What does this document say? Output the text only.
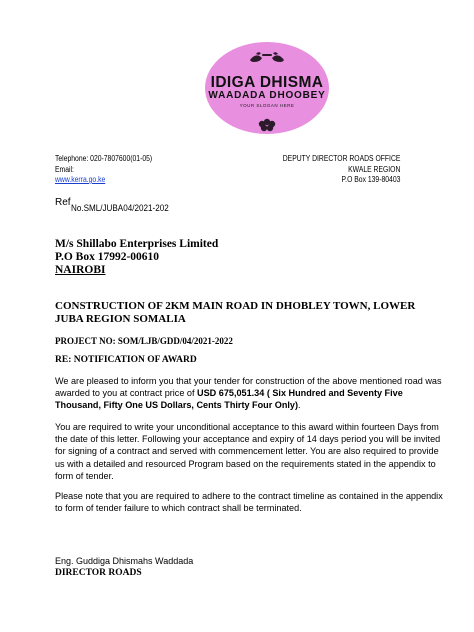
IDIGA DHISMA
WAADADA DHOOBEY
YOUR SLOGAN HERE
Telephone: 020-7807600(01-05)
Email:
www.kerra.go.ke
DEPUTY DIRECTOR ROADS OFFICE
KWALE REGION
P.O Box 139-80403
Ref No.SML/JUBA04/2021-202
M/s Shillabo Enterprises Limited
P.O Box 17992-00610
NAIROBI
CONSTRUCTION OF 2KM MAIN ROAD IN DHOBLEY TOWN, LOWER
JUBA REGION SOMALIA
PROJECT NO: SOM/LJB/GDD/04/2021-2022
RE: NOTIFICATION OF AWARD
We are pleased to inform you that your tender for construction of the above mentioned road was awarded to you at contract price of USD 675,051.34 ( Six Hundred and Seventy Five Thousand, Fifty One US Dollars, Cents Thirty Four Only).
You are required to write your unconditional acceptance to this award within fourteen Days from the date of this letter. Following your acceptance and expiry of 14 days period you will be invited for signing of a contract and served with commencement letter. You are also required to provide us with a detailed and resourced Program based on the requirements stated in the appendix to form of tender.
Please note that you are required to adhere to the contract timeline as contained in the appendix to form of tender failure to which contract shall be terminated.
Eng. Guddiga Dhismahs Waddada
DIRECTOR ROADS
